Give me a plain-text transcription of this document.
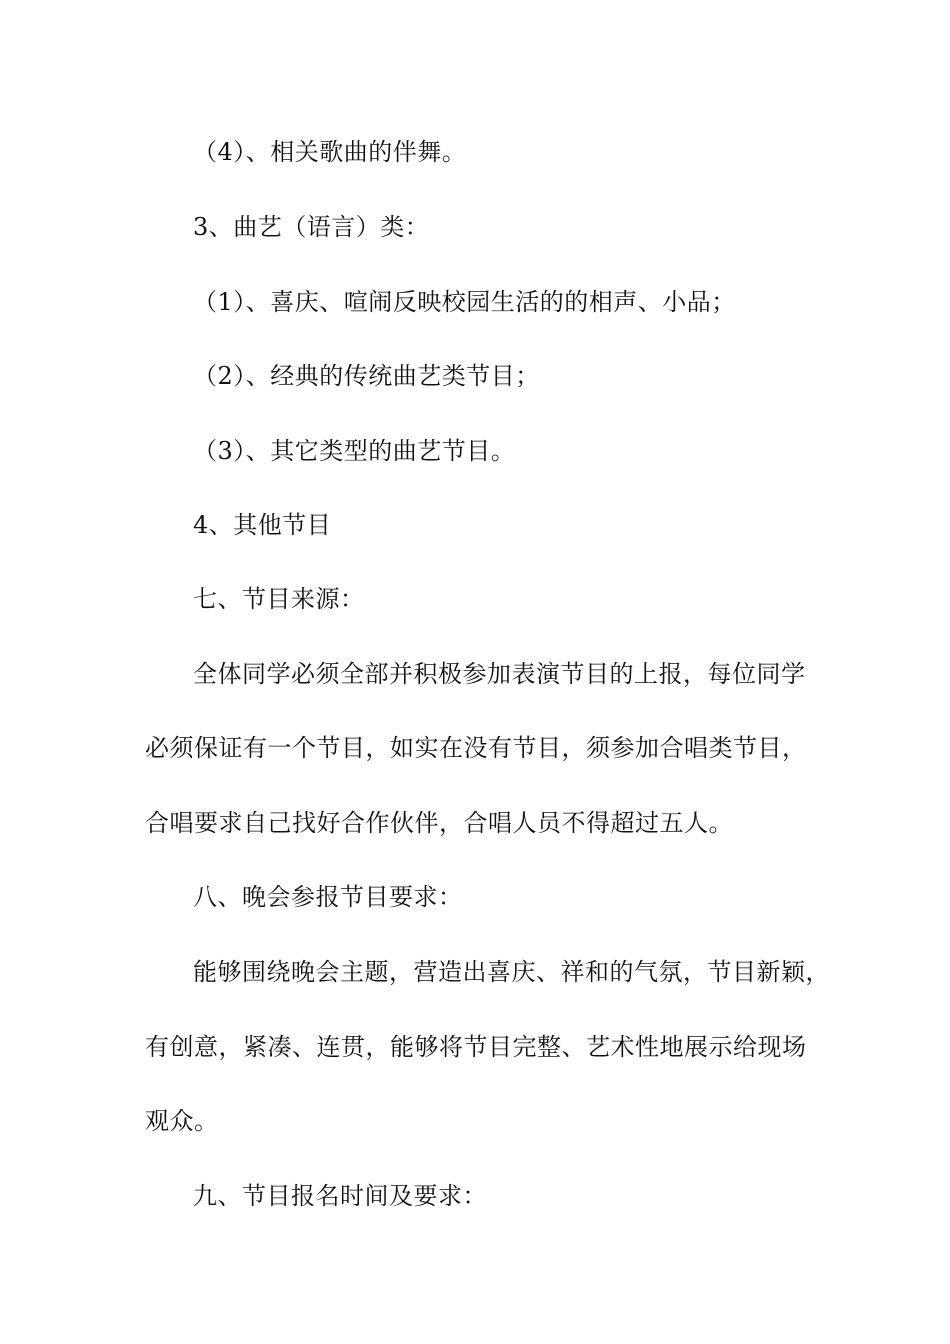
（4）、相关歌曲的伴舞。
3、曲艺（语言）类：
（1）、喜庆、喧闹反映校园生活的的相声、小品；
（2）、经典的传统曲艺类节目；
（3）、其它类型的曲艺节目。
4、其他节目
七、节目来源：
全体同学必须全部并积极参加表演节目的上报，每位同学
必须保证有一个节目，如实在没有节目，须参加合唱类节目，
合唱要求自己找好合作伙伴，合唱人员不得超过五人。
八、晚会参报节目要求：
能够围绕晚会主题，营造出喜庆、祥和的气氛，节目新颖，
有创意，紧凑、连贯，能够将节目完整、艺术性地展示给现场
观众。
九、节目报名时间及要求：
